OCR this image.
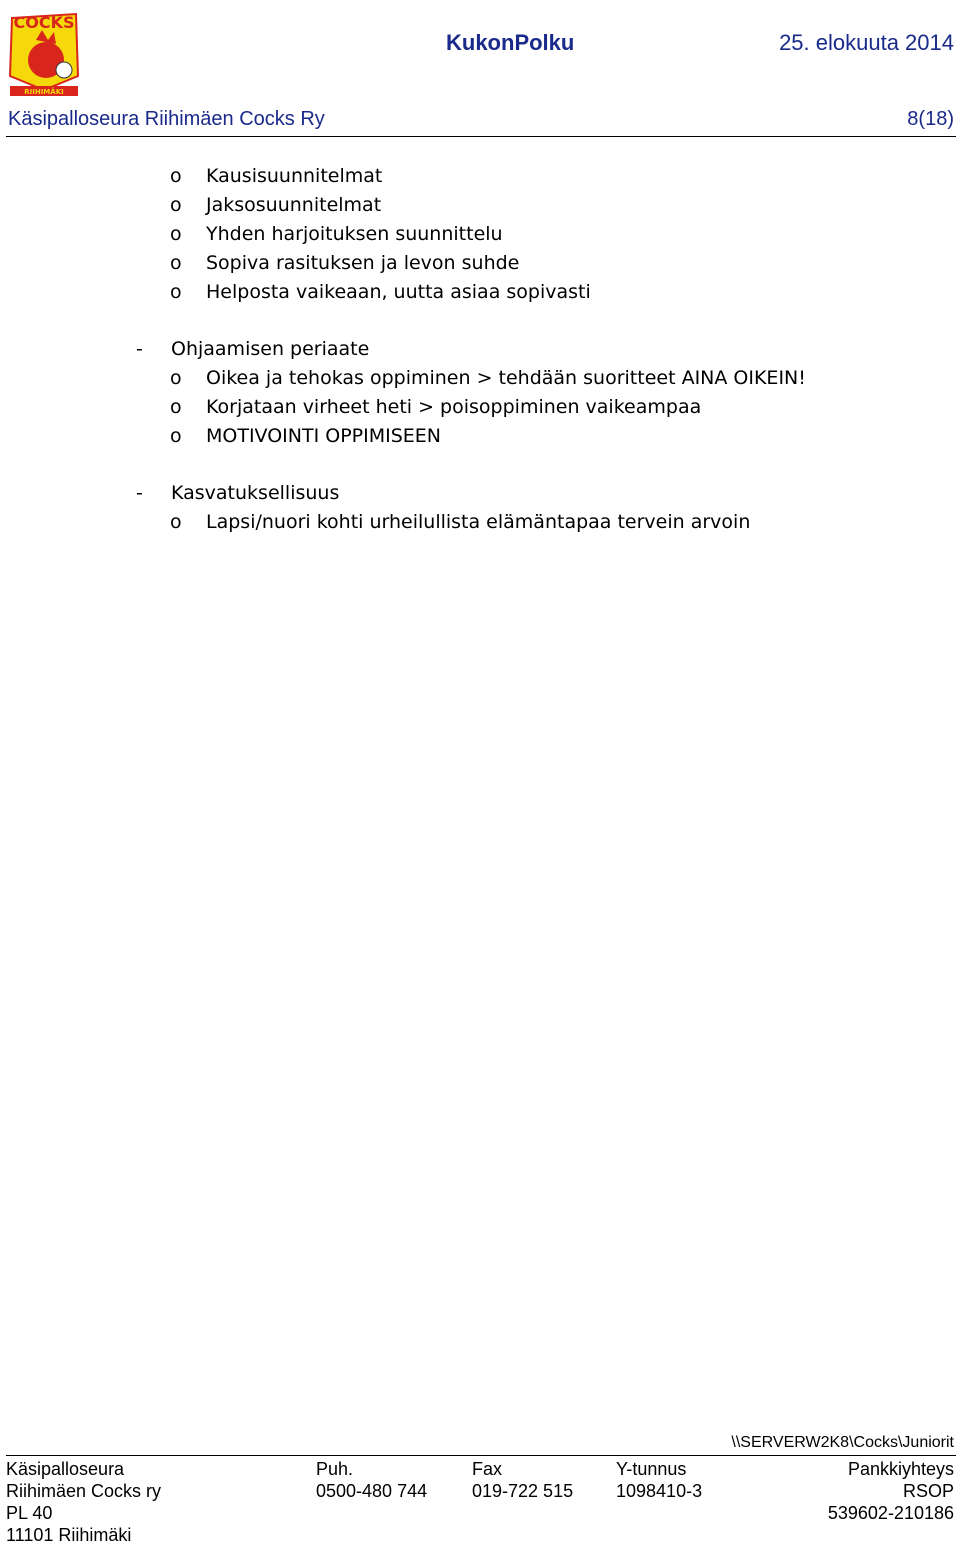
COCKS
RIIHIMÄKI
KukonPolku	25. elokuuta 2014
Käsipalloseura Riihimäen Cocks Ry	8(18)
o Kausisuunnitelmat
o Jaksosuunnitelmat
o Yhden harjoituksen suunnittelu
o Sopiva rasituksen ja levon suhde
o Helposta vaikeaan, uutta asiaa sopivasti
- Ohjaamisen periaate
o Oikea ja tehokas oppiminen > tehdään suoritteet AINA OIKEIN!
o Korjataan virheet heti > poisoppiminen vaikeampaa
o MOTIVOINTI OPPIMISEEN
- Kasvatuksellisuus
o Lapsi/nuori kohti urheilullista elämäntapaa tervein arvoin
\\SERVERW2K8\Cocks\Juniorit
Käsipalloseura
Riihimäen Cocks ry
PL 40
11101 Riihimäki
Puh.
0500-480 744
Fax
019-722 515
Y-tunnus
1098410-3
Pankkiyhteys
RSOP
539602-210186
